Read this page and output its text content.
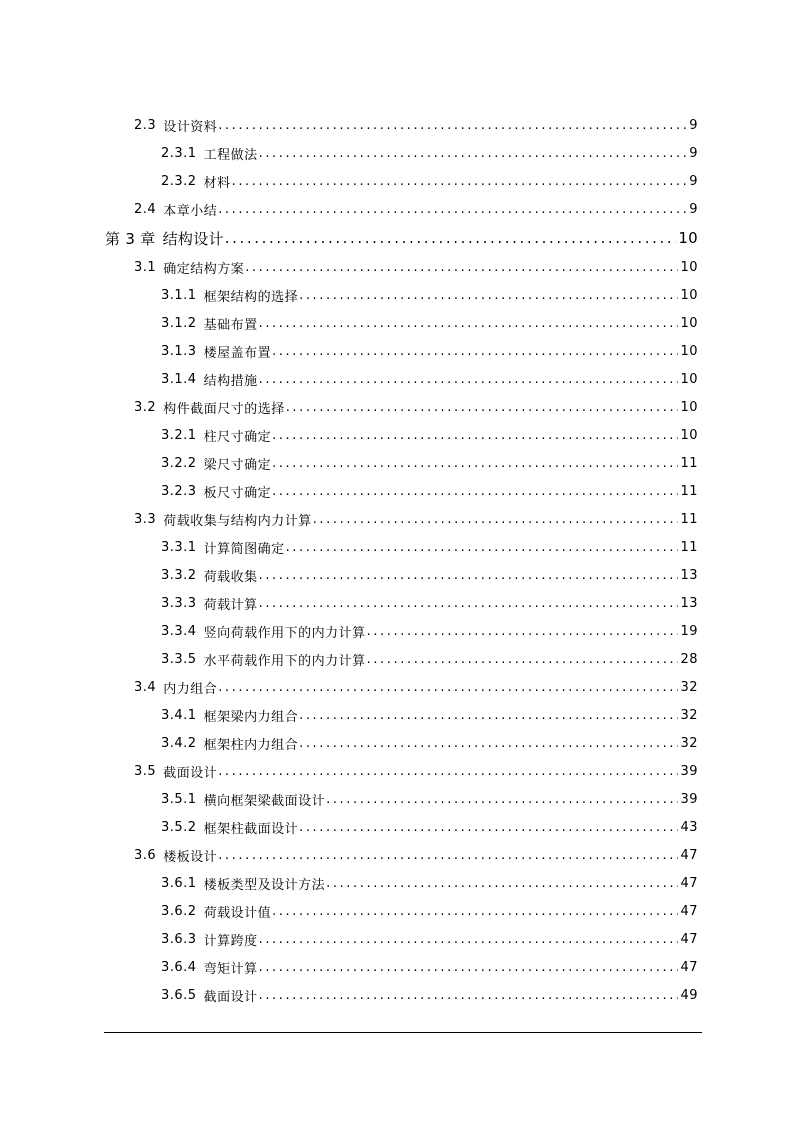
2.3 设计资料 .....	9
2.3.1 工程做法 .....	9
2.3.2 材料 .....	9
2.4 本章小结 .....	9
第 3 章 结构设计 .....	10
3.1 确定结构方案 .....	10
3.1.1 框架结构的选择 .....	10
3.1.2 基础布置 .....	10
3.1.3 楼屋盖布置 .....	10
3.1.4 结构措施 .....	10
3.2 构件截面尺寸的选择 .....	10
3.2.1 柱尺寸确定 .....	10
3.2.2 梁尺寸确定 .....	11
3.2.3 板尺寸确定 .....	11
3.3 荷载收集与结构内力计算 .....	11
3.3.1 计算简图确定 .....	11
3.3.2 荷载收集 .....	13
3.3.3 荷载计算 .....	13
3.3.4 竖向荷载作用下的内力计算 .....	19
3.3.5 水平荷载作用下的内力计算 .....	28
3.4 内力组合 .....	32
3.4.1 框架梁内力组合 .....	32
3.4.2 框架柱内力组合 .....	32
3.5 截面设计 .....	39
3.5.1 横向框架梁截面设计 .....	39
3.5.2 框架柱截面设计 .....	43
3.6 楼板设计 .....	47
3.6.1 楼板类型及设计方法 .....	47
3.6.2 荷载设计值 .....	47
3.6.3 计算跨度 .....	47
3.6.4 弯矩计算 .....	47
3.6.5 截面设计 .....	49
